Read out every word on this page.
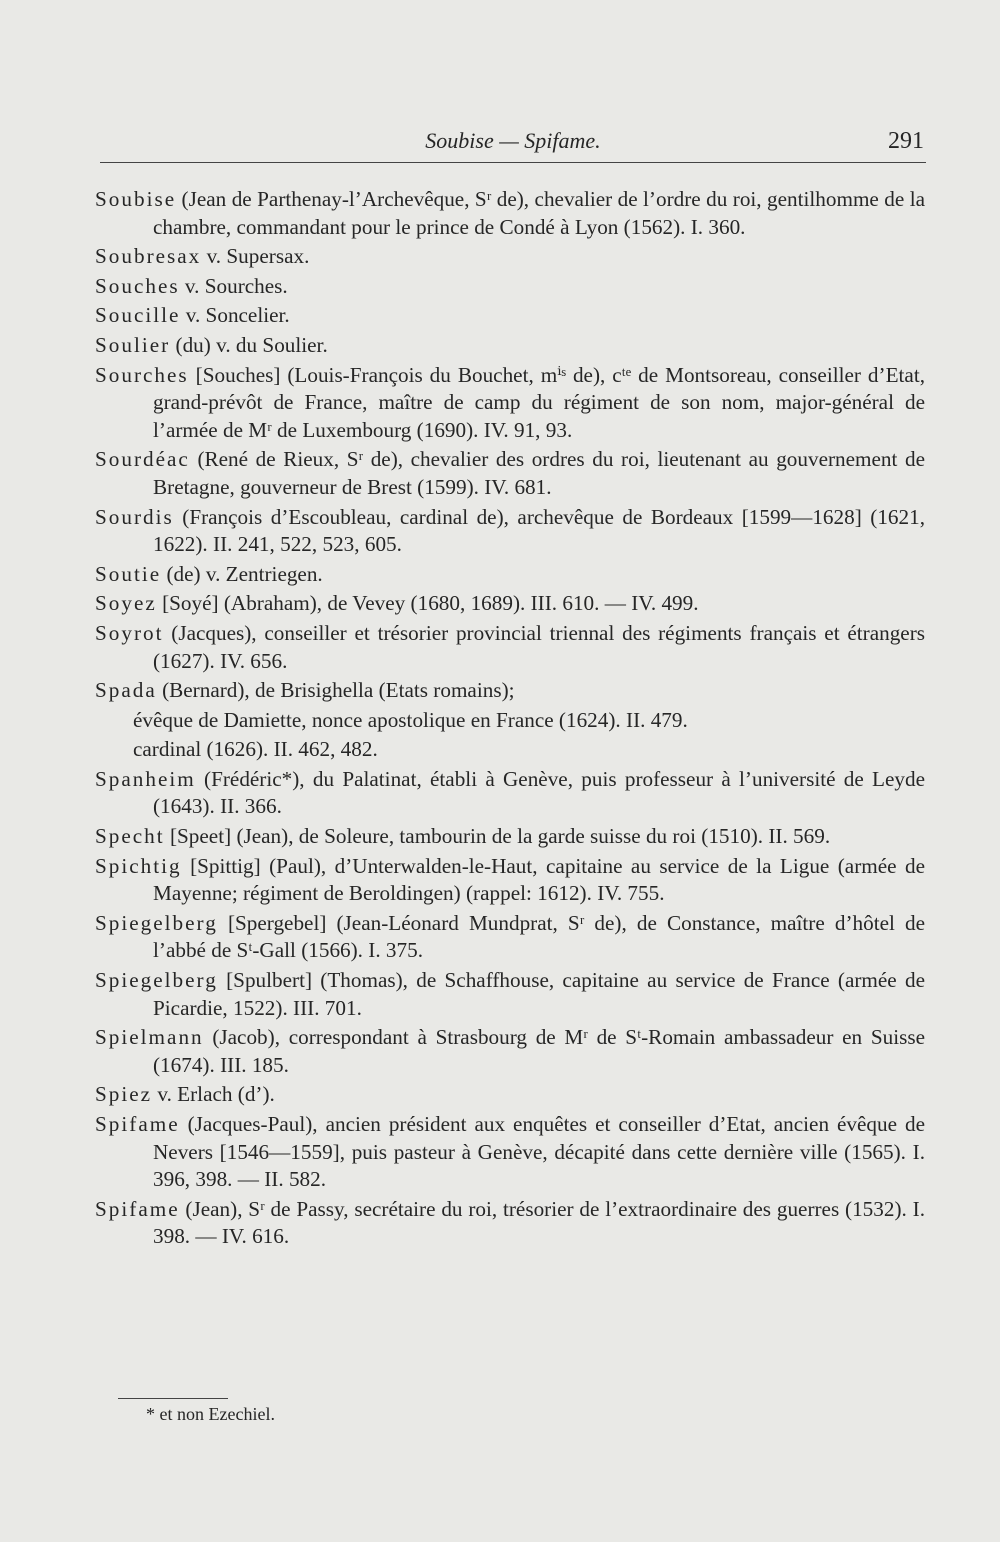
Soubise — Spifame.	291

Soubise (Jean de Parthenay-l’Archevêque, Sʳ de), chevalier de l’ordre du roi, gentilhomme de la chambre, commandant pour le prince de Condé à Lyon (1562). I. 360.

Soubresax v. Supersax.

Souches v. Sourches.

Soucille v. Soncelier.

Soulier (du) v. du Soulier.

Sourches [Souches] (Louis-François du Bouchet, mⁱˢ de), cᵗᵉ de Montsoreau, conseiller d’Etat, grand-prévôt de France, maître de camp du régiment de son nom, major-général de l’armée de Mʳ de Luxembourg (1690). IV. 91, 93.

Sourdéac (René de Rieux, Sʳ de), chevalier des ordres du roi, lieutenant au gouvernement de Bretagne, gouverneur de Brest (1599). IV. 681.

Sourdis (François d’Escoubleau, cardinal de), archevêque de Bordeaux [1599—1628] (1621, 1622). II. 241, 522, 523, 605.

Soutie (de) v. Zentriegen.

Soyez [Soyé] (Abraham), de Vevey (1680, 1689). III. 610. — IV. 499.

Soyrot (Jacques), conseiller et trésorier provincial triennal des régiments français et étrangers (1627). IV. 656.

Spada (Bernard), de Brisighella (Etats romains);

évêque de Damiette, nonce apostolique en France (1624). II. 479.

cardinal (1626). II. 462, 482.

Spanheim (Frédéric*), du Palatinat, établi à Genève, puis professeur à l’université de Leyde (1643). II. 366.

Specht [Speet] (Jean), de Soleure, tambourin de la garde suisse du roi (1510). II. 569.

Spichtig [Spittig] (Paul), d’Unterwalden-le-Haut, capitaine au service de la Ligue (armée de Mayenne; régiment de Beroldingen) (rappel: 1612). IV. 755.

Spiegelberg [Spergebel] (Jean-Léonard Mundprat, Sʳ de), de Constance, maître d’hôtel de l’abbé de Sᵗ-Gall (1566). I. 375.

Spiegelberg [Spulbert] (Thomas), de Schaffhouse, capitaine au service de France (armée de Picardie, 1522). III. 701.

Spielmann (Jacob), correspondant à Strasbourg de Mʳ de Sᵗ-Romain ambassadeur en Suisse (1674). III. 185.

Spiez v. Erlach (d’).

Spifame (Jacques-Paul), ancien président aux enquêtes et conseiller d’Etat, ancien évêque de Nevers [1546—1559], puis pasteur à Genève, décapité dans cette dernière ville (1565). I. 396, 398. — II. 582.

Spifame (Jean), Sʳ de Passy, secrétaire du roi, trésorier de l’extraordinaire des guerres (1532). I. 398. — IV. 616.

* et non Ezechiel.
